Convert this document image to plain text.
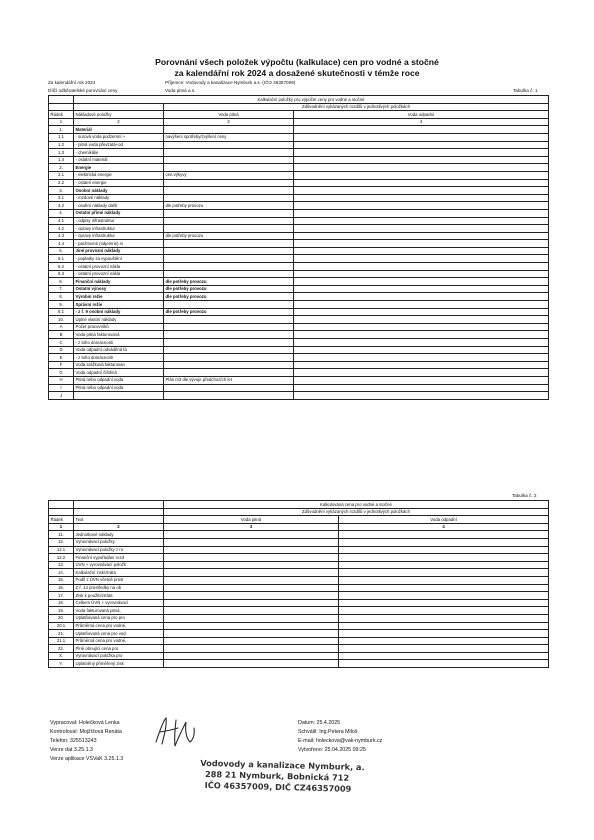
Porovnání všech položek výpočtu (kalkulace) cen pro vodné a stočné
za kalendářní rok 2024 a dosažené skutečnosti v témže roce
Za kalendářní rok 2024	Příjemce: Vodovody a kanalizace Nymburk a.s. (IČO 46357009)
Dílčí odběratelské porovnání ceny	Voda pitná a.s.	Tabulka č. 1
	Kalkulační položky pro výpočet ceny pro vodné a stočné		
		Zdůvodnění vykázaných rozdílů v jednotlivých položkách	
Řádek	Nákladové položky	Voda pitná	Voda odpadní
1	2	3	4
1.	Materiál		
1.1	- surová voda podzemní +	navýšení spotřeby/zvýšení ceny	
1.2	- pitná voda převzatá+od		
1.3	- chemikálie		
1.4	- ostatní materiál		
2.	Energie		
2.1	- elektrická energie	cen.výkyvy	
2.2	- ostatní energie		
3.	Osobní náklady		
3.1	- mzdové náklady		
3.2	- osobní náklady další	dle potřeby provozu	
4.	Ostatní přímé náklady		
4.1	- odpisy infrastruktur		
4.2	- opravy infrastruktur		
4.3	- opravy infrastruktur	dle potřeby provozu	
4.4	- pachtovné (nájemné) in		
5.	Jiné provozní náklady		
5.1	- poplatky za vypouštění		
5.2	- ostatní provozní nákla		
5.3	- ostatní provozní nákla		
6.	Finanční náklady	dle potřeby provozu	
7.	Ostatní výnosy	dle potřeby provozu	
8.	Výrobní režie	dle potřeby provozu	
9.	Správní režie		
9.1	- z ř. 9 osobní náklady	dle potřeby provozu	
10.	Úplné vlastní náklady		
A	Počet pracovníků		
B	Voda pitná fakturovaná		
C	- z toho domácnosti		
D	Voda odpadní odváděná fa		
E	- z toho domácnosti		
F	Voda srážková fakturovan		
G	Voda odpadní čištěná		
H	Pitná nebo odpadní voda	Plán m3 dle vývoje předchozích let	
I	Pitná nebo odpadní voda		
J			
Tabulka č. 2
		Kalkulovaná cena pro vodné a stočné	
		Zdůvodnění vykázaných rozdílů v jednotlivých položkách	
Řádek	Text	Voda pitná	Voda odpadní
1	2	3	4
11.	Jednotkové náklady		
12.	Vyrovnávací položky		
12.1	Vyrovnávací položky z ro		
12.2	Finanční vypořádání rozd		
13.	ÚVN + vyrovnávací položk		
14.	Kalkulační zisk/ztráta		
15.	Podíl z ÚVN včetně prost		
16.	Z ř. 14 prostředky na ob		
17.	Zisk k použití/ztráta		
18.	Celkem ÚVN + vyrovnávací		
19.	Voda fakturovaná pitná,		
20.	Uplatňovaná cena pro pro		
20.1	Průměrná cena pro vodné,		
21.	Uplatňovaná cena pro vod		
21.1	Průměrná cena pro vodné,		
22.	Plně obnující cena pro		
X.	Vyrovnávací položka pro		
Y.	Uplatněný přiměřený zisk		
Vypracoval: Holečková Lenka
Kontroloval: Mojžíšová Renáta
Telefon: 325513243
Verze dat 3.25.1.3
Verze aplikace VSVaK 3.25.1.3
Datum: 25.4.2025
Schválil: Ing.Petera Miloš
E-mail: holeckova@vak-nymburk.cz
Vytvořeno: 25.04.2025 09:25
Vodovody a kanalizace Nymburk, a.
288 21 Nymburk, Bobnická 712
IČO 46357009, DIČ CZ46357009
